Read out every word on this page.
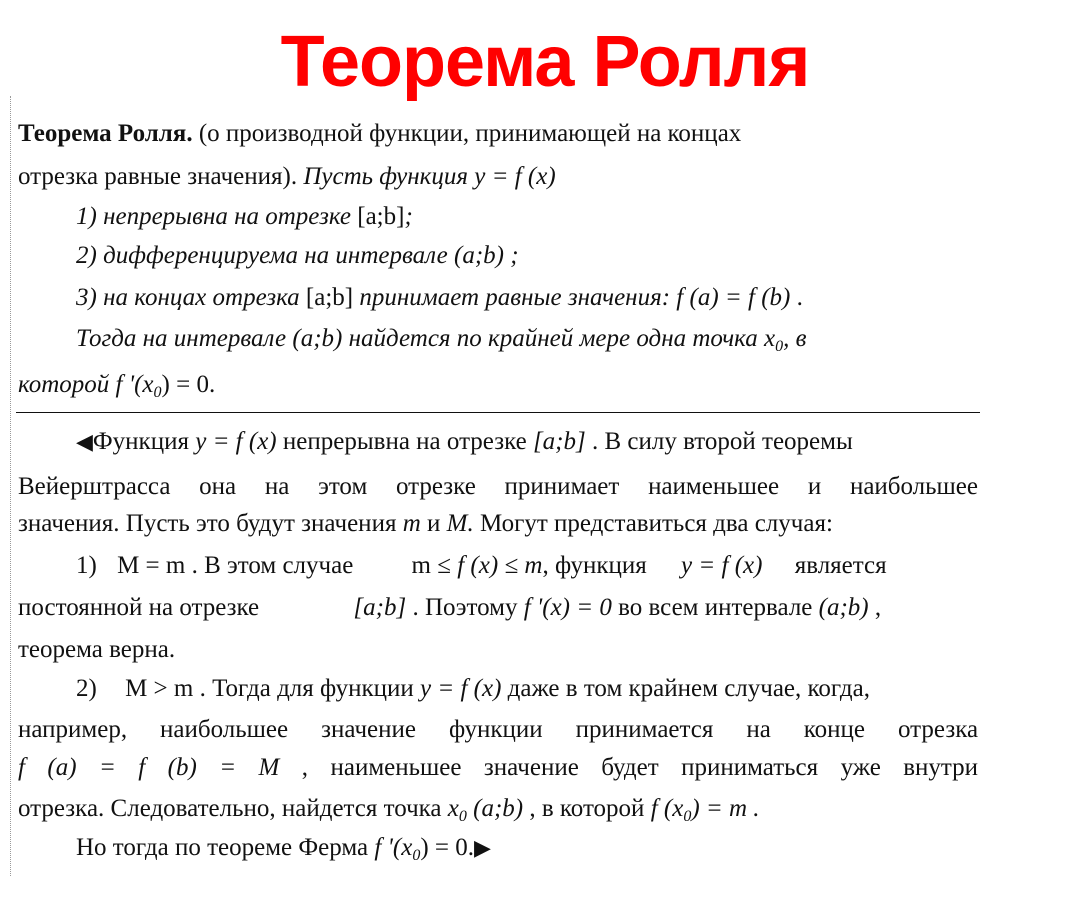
Теорема Ролля
Теорема Ролля. (о производной функции, принимающей на концах
отрезка равные значения). Пусть функция y = f (x)
1) непрерывна на отрезке [a;b];
2) дифференцируема на интервале (a;b) ;
3) на концах отрезка [a;b] принимает равные значения: f (a) = f (b) .
Тогда на интервале (a;b) найдется по крайней мере одна точка $x_0$, в
которой f '$(x_0) = 0$.
◀Функция y = f (x) непрерывна на отрезке [a;b] . В силу второй теоремы
Вейерштрасса она на этом отрезке принимает наименьшее и наибольшее
значения. Пусть это будут значения m и M. Могут представиться два случая:
1) M = m . В этом случае m ≤ f (x) ≤ m, функция y = f (x) является
постоянной на отрезке	[a;b] . Поэтому f '(x) = 0 во всем интервале (a;b) ,
теорема верна.
2) M > m . Тогда для функции y = f (x) даже в том крайнем случае, когда,
например, наибольшее значение функции принимается на конце отрезка
f (a) = f (b) = M , наименьшее значение будет приниматься уже внутри
отрезка. Следовательно, найдется точка $x_0$ (a;b) , в которой f $(x_0) = m$ .
Но тогда по теореме Ферма f '$(x_0)$ = 0.▶
